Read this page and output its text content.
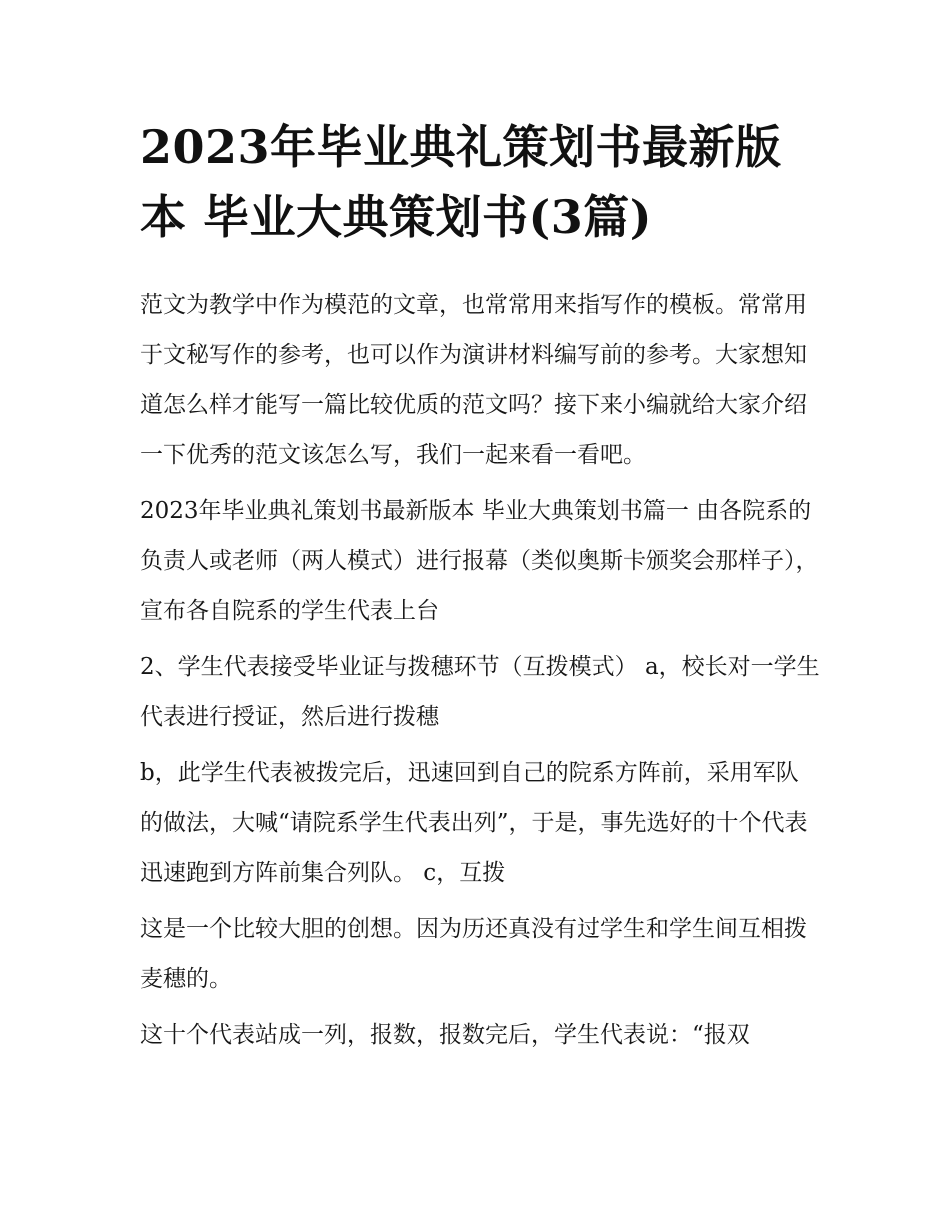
2023年毕业典礼策划书最新版本 毕业大典策划书(3篇)

范文为教学中作为模范的文章，也常常用来指写作的模板。常常用于文秘写作的参考，也可以作为演讲材料编写前的参考。大家想知道怎么样才能写一篇比较优质的范文吗？接下来小编就给大家介绍一下优秀的范文该怎么写，我们一起来看一看吧。

2023年毕业典礼策划书最新版本 毕业大典策划书篇一 由各院系的负责人或老师（两人模式）进行报幕（类似奥斯卡颁奖会那样子），宣布各自院系的学生代表上台

2、学生代表接受毕业证与拨穗环节（互拨模式） a，校长对一学生代表进行授证，然后进行拨穗

b，此学生代表被拨完后，迅速回到自己的院系方阵前，采用军队的做法，大喊“请院系学生代表出列”，于是，事先选好的十个代表迅速跑到方阵前集合列队。 c，互拨

这是一个比较大胆的创想。因为历还真没有过学生和学生间互相拨麦穗的。

这十个代表站成一列，报数，报数完后，学生代表说：“报双
